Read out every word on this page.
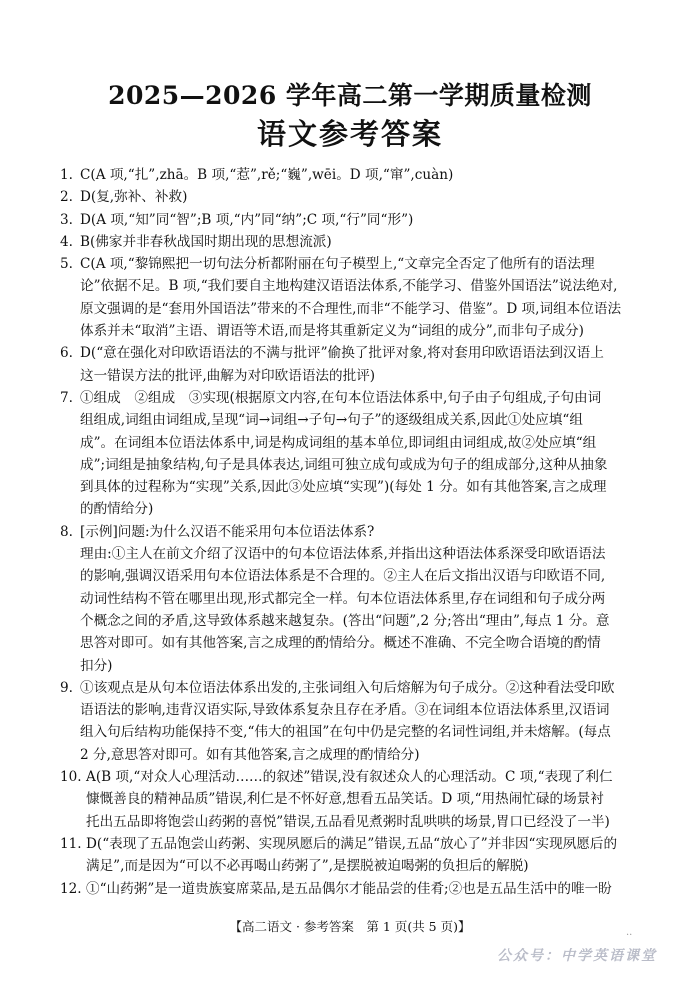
2025—2026 学年高二第一学期质量检测
语文参考答案
1. C(A 项,“扎”,zhā。B 项,“惹”,rě;“巍”,wēi。D 项,“窜”,cuàn)
2. D(复,弥补、补救)
3. D(A 项,“知”同“智”;B 项,“内”同“纳”;C 项,“行”同“形”)
4. B(佛家并非春秋战国时期出现的思想流派)
5. C(A 项,“黎锦熙把一切句法分析都附丽在句子模型上,“文章完全否定了他所有的语法理
论”依据不足。B 项,“我们要自主地构建汉语语法体系,不能学习、借鉴外国语法”说法绝对,
原文强调的是“套用外国语法”带来的不合理性,而非“不能学习、借鉴”。D 项,词组本位语法
体系并未“取消”主语、谓语等术语,而是将其重新定义为“词组的成分”,而非句子成分)
6. D(“意在强化对印欧语语法的不满与批评”偷换了批评对象,将对套用印欧语语法到汉语上
这一错误方法的批评,曲解为对印欧语语法的批评)
7. ①组成　②组成　③实现(根据原文内容,在句本位语法体系中,句子由子句组成,子句由词
组组成,词组由词组成,呈现“词→词组→子句→句子”的逐级组成关系,因此①处应填“组
成”。在词组本位语法体系中,词是构成词组的基本单位,即词组由词组成,故②处应填“组
成”;词组是抽象结构,句子是具体表达,词组可独立成句或成为句子的组成部分,这种从抽象
到具体的过程称为“实现”关系,因此③处应填“实现”)(每处 1 分。如有其他答案,言之成理
的酌情给分)
8. [示例]问题:为什么汉语不能采用句本位语法体系?
理由:①主人在前文介绍了汉语中的句本位语法体系,并指出这种语法体系深受印欧语语法
的影响,强调汉语采用句本位语法体系是不合理的。②主人在后文指出汉语与印欧语不同,
动词性结构不管在哪里出现,形式都完全一样。句本位语法体系里,存在词组和句子成分两
个概念之间的矛盾,这导致体系越来越复杂。(答出“问题”,2 分;答出“理由”,每点 1 分。意
思答对即可。如有其他答案,言之成理的酌情给分。概述不准确、不完全吻合语境的酌情
扣分)
9. ①该观点是从句本位语法体系出发的,主张词组入句后熔解为句子成分。②这种看法受印欧
语语法的影响,违背汉语实际,导致体系复杂且存在矛盾。③在词组本位语法体系里,汉语词
组入句后结构功能保持不变,“伟大的祖国”在句中仍是完整的名词性词组,并未熔解。(每点
2 分,意思答对即可。如有其他答案,言之成理的酌情给分)
10. A(B 项,“对众人心理活动……的叙述”错误,没有叙述众人的心理活动。C 项,“表现了利仁
慷慨善良的精神品质”错误,利仁是不怀好意,想看五品笑话。D 项,“用热闹忙碌的场景衬
托出五品即将饱尝山药粥的喜悦”错误,五品看见煮粥时乱哄哄的场景,胃口已经没了一半)
11. D(“表现了五品饱尝山药粥、实现夙愿后的满足”错误,五品“放心了”并非因“实现夙愿后的
满足”,而是因为“可以不必再喝山药粥了”,是摆脱被迫喝粥的负担后的解脱)
12. ①“山药粥”是一道贵族宴席菜品,是五品偶尔才能品尝的佳肴;②也是五品生活中的唯一盼
【高二语文 · 参考答案　第 1 页(共 5 页)】	..
公众号：中学英语课堂
